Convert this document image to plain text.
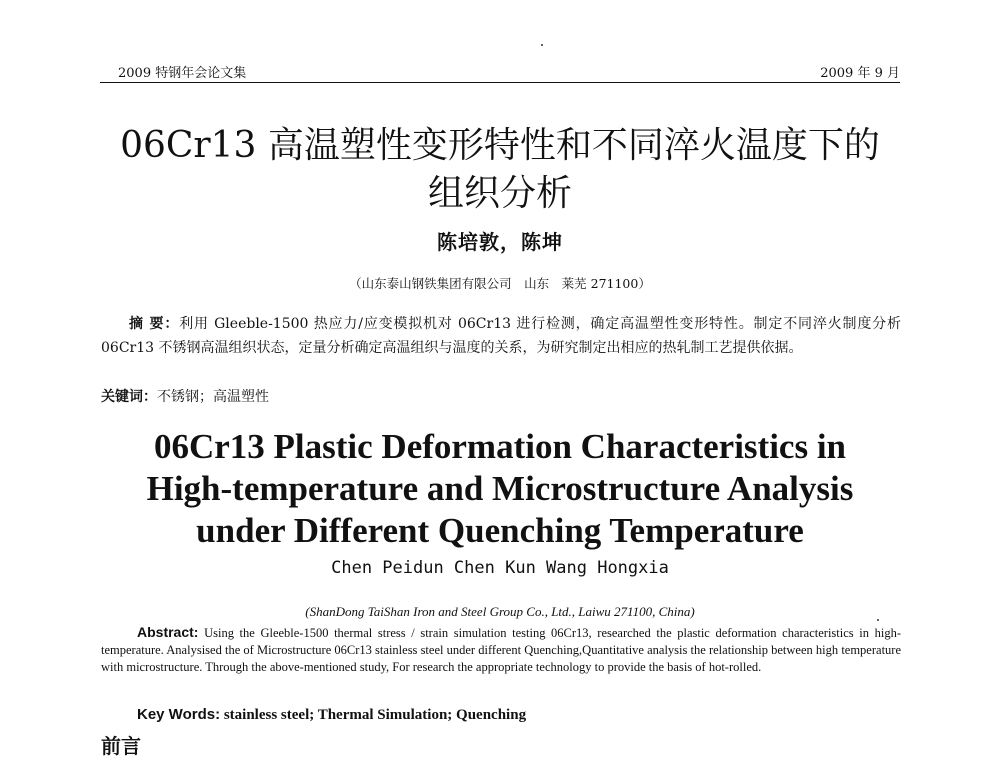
2009 特钢年会论文集	2009 年 9 月
06Cr13 高温塑性变形特性和不同淬火温度下的
组织分析
陈培敦，陈坤
（山东泰山钢铁集团有限公司　山东　莱芜 271100）
摘 要：利用 Gleeble-1500 热应力/应变模拟机对 06Cr13 进行检测，确定高温塑性变形特性。制定不同淬火制度分析 06Cr13 不锈钢高温组织状态，定量分析确定高温组织与温度的关系，为研究制定出相应的热轧制工艺提供依据。
关键词：不锈钢；高温塑性
06Cr13 Plastic Deformation Characteristics in
High-temperature and Microstructure Analysis
under Different Quenching Temperature
Chen Peidun Chen Kun Wang Hongxia
(ShanDong TaiShan Iron and Steel Group Co., Ltd., Laiwu 271100, China)
Abstract: Using the Gleeble-1500 thermal stress / strain simulation testing 06Cr13, researched the plastic deformation characteristics in high-temperature. Analysised the of Microstructure 06Cr13 stainless steel under different Quenching,Quantitative analysis the relationship between high temperature with microstructure. Through the above-mentioned study, For research the appropriate technology to provide the basis of hot-rolled.
Key Words: stainless steel; Thermal Simulation; Quenching
前言
